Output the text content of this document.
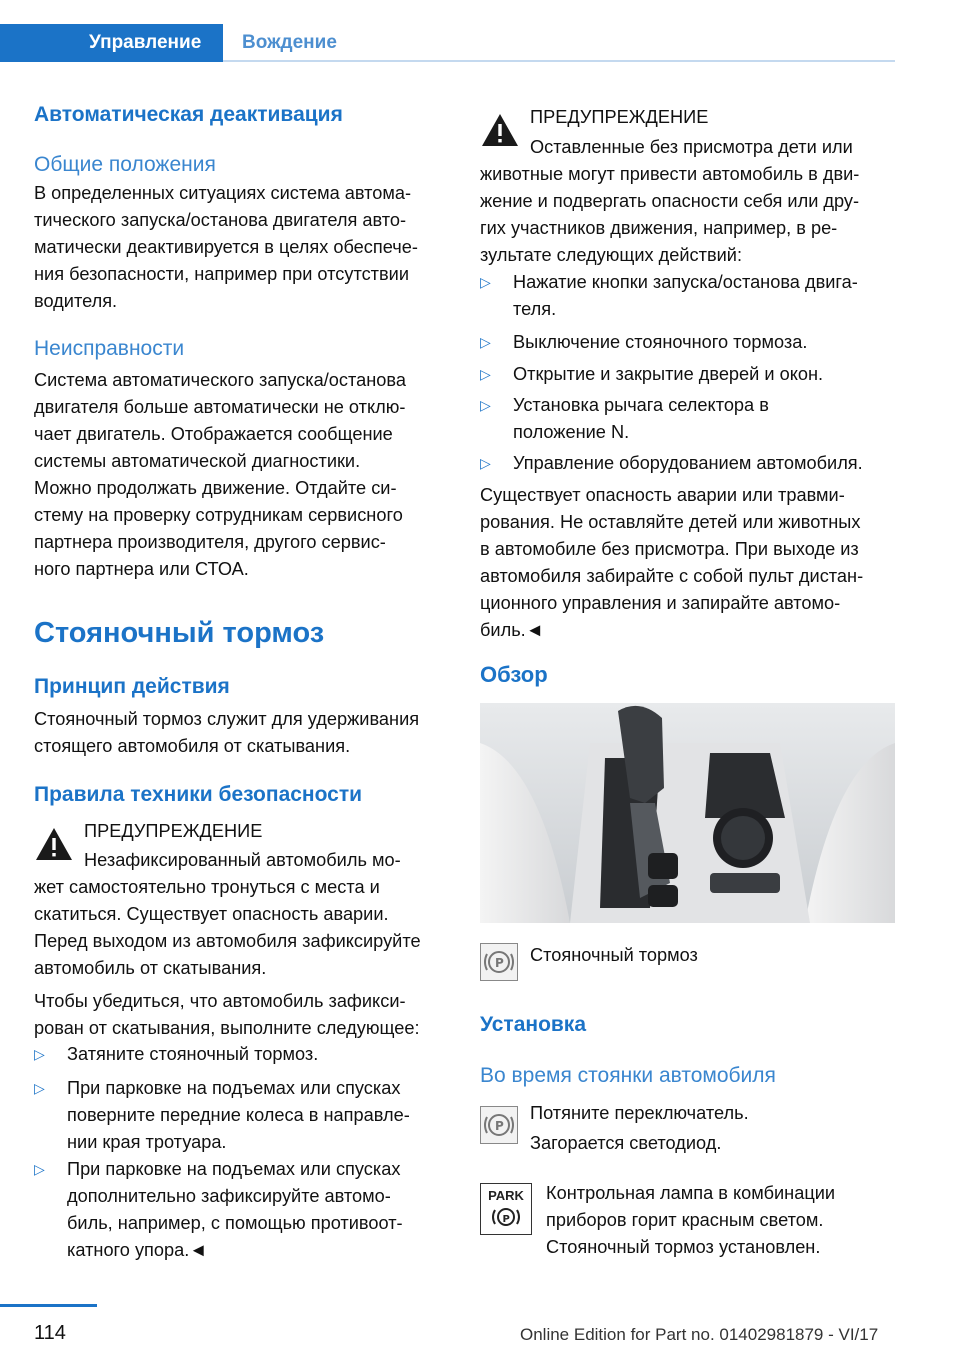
Управление Вождение
Автоматическая деактивация
Общие положения
В определенных ситуациях система автома-
тического запуска/останова двигателя авто-
матически деактивируется в целях обеспече-
ния безопасности, например при отсутствии
водителя.
Неисправности
Система автоматического запуска/останова
двигателя больше автоматически не отклю-
чает двигатель. Отображается сообщение
системы автоматической диагностики.
Можно продолжать движение. Отдайте си-
стему на проверку сотрудникам сервисного
партнера производителя, другого сервис-
ного партнера или СТОА.
Стояночный тормоз
Принцип действия
Стояночный тормоз служит для удерживания
стоящего автомобиля от скатывания.
Правила техники безопасности
ПРЕДУПРЕЖДЕНИЕ
Незафиксированный автомобиль мо-
жет самостоятельно тронуться с места и
скатиться. Существует опасность аварии.
Перед выходом из автомобиля зафиксируйте
автомобиль от скатывания.
Чтобы убедиться, что автомобиль зафикси-
рован от скатывания, выполните следующее:
▷ Затяните стояночный тормоз.
▷ При парковке на подъемах или спусках
поверните передние колеса в направле-
нии края тротуара.
▷ При парковке на подъемах или спусках
дополнительно зафиксируйте автомо-
биль, например, с помощью противоот-
катного упора.◄
ПРЕДУПРЕЖДЕНИЕ
Оставленные без присмотра дети или
животные могут привести автомобиль в дви-
жение и подвергать опасности себя или дру-
гих участников движения, например, в ре-
зультате следующих действий:
▷ Нажатие кнопки запуска/останова двига-
теля.
▷ Выключение стояночного тормоза.
▷ Открытие и закрытие дверей и окон.
▷ Установка рычага селектора в
положение N.
▷ Управление оборудованием автомобиля.
Существует опасность аварии или травми-
рования. Не оставляйте детей или животных
в автомобиле без присмотра. При выходе из
автомобиля забирайте с собой пульт дистан-
ционного управления и запирайте автомо-
биль.◄
Обзор
P Стояночный тормоз
Установка
Во время стоянки автомобиля
P
Потяните переключатель.
Загорается светодиод.
PARK
P
Контрольная лампа в комбинации
приборов горит красным светом.
Стояночный тормоз установлен.
114	Online Edition for Part no. 01402981879 - VI/17
